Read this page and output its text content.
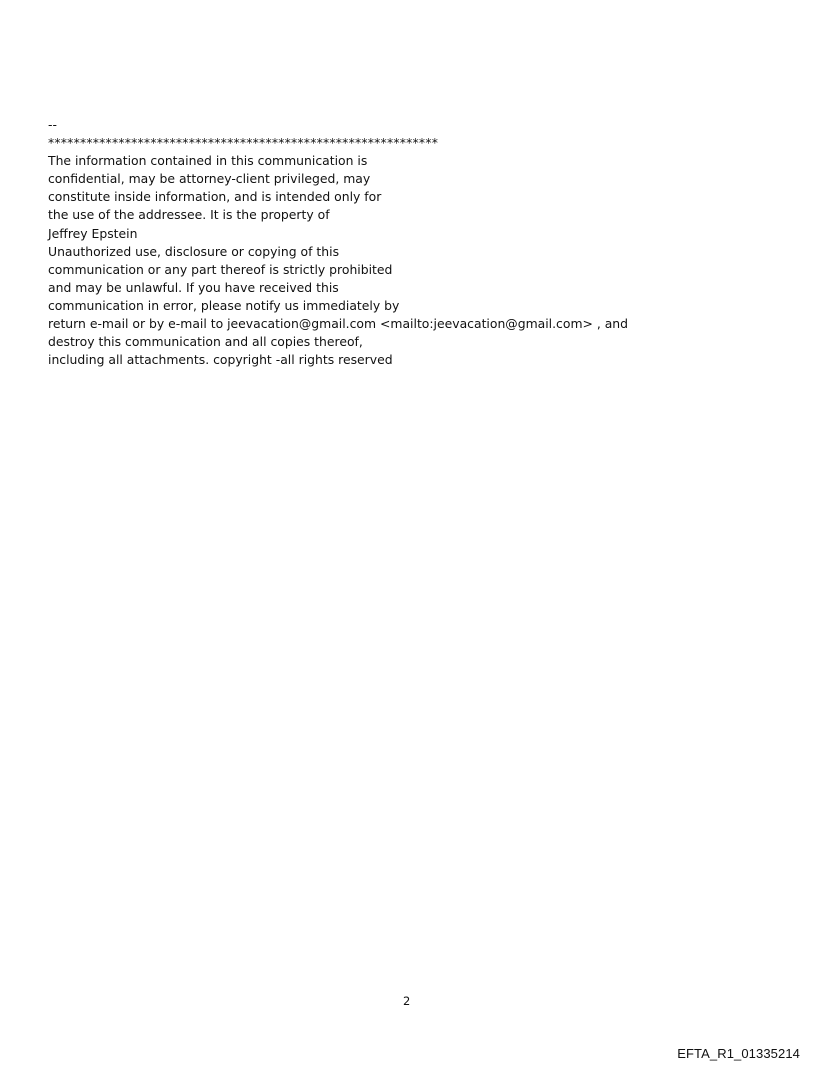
--
*************************************************************
The information contained in this communication is
confidential, may be attorney-client privileged, may
constitute inside information, and is intended only for
the use of the addressee. It is the property of
Jeffrey Epstein
Unauthorized use, disclosure or copying of this
communication or any part thereof is strictly prohibited
and may be unlawful. If you have received this
communication in error, please notify us immediately by
return e-mail or by e-mail to jeevacation@gmail.com <mailto:jeevacation@gmail.com> , and
destroy this communication and all copies thereof,
including all attachments. copyright -all rights reserved
2
EFTA_R1_01335214
